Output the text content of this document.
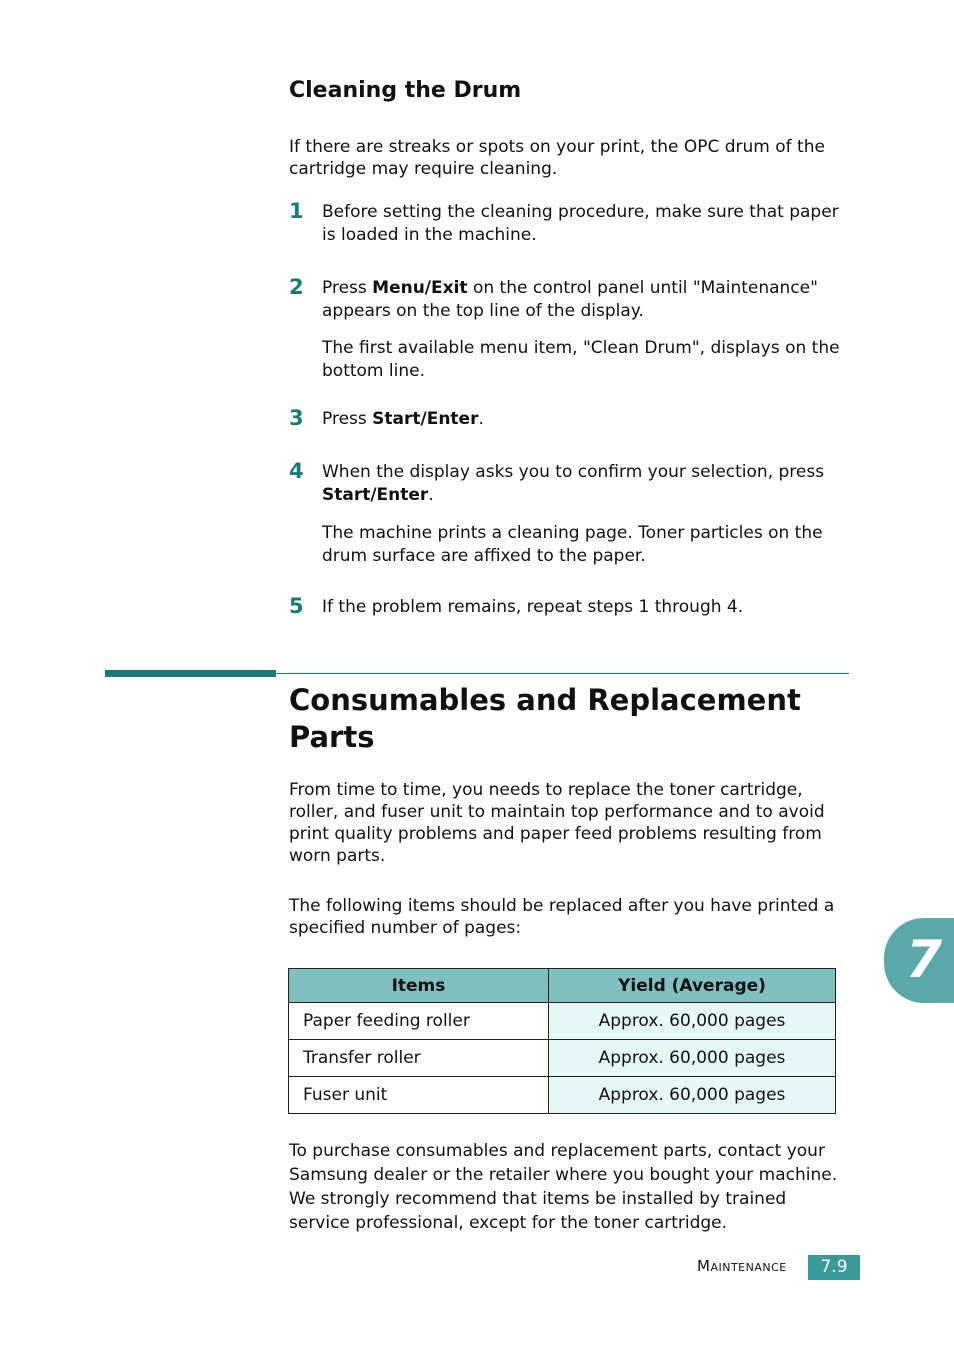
Cleaning the Drum

If there are streaks or spots on your print, the OPC drum of the cartridge may require cleaning.

1 Before setting the cleaning procedure, make sure that paper is loaded in the machine.

2 Press Menu/Exit on the control panel until "Maintenance" appears on the top line of the display.

The first available menu item, "Clean Drum", displays on the bottom line.

3 Press Start/Enter.

4 When the display asks you to confirm your selection, press Start/Enter.

The machine prints a cleaning page. Toner particles on the drum surface are affixed to the paper.

5 If the problem remains, repeat steps 1 through 4.

Consumables and Replacement Parts

From time to time, you needs to replace the toner cartridge, roller, and fuser unit to maintain top performance and to avoid print quality problems and paper feed problems resulting from worn parts.

The following items should be replaced after you have printed a specified number of pages:

Items	Yield (Average)
Paper feeding roller	Approx. 60,000 pages
Transfer roller	Approx. 60,000 pages
Fuser unit	Approx. 60,000 pages

To purchase consumables and replacement parts, contact your Samsung dealer or the retailer where you bought your machine. We strongly recommend that items be installed by trained service professional, except for the toner cartridge.

7
Maintenance	7.9
